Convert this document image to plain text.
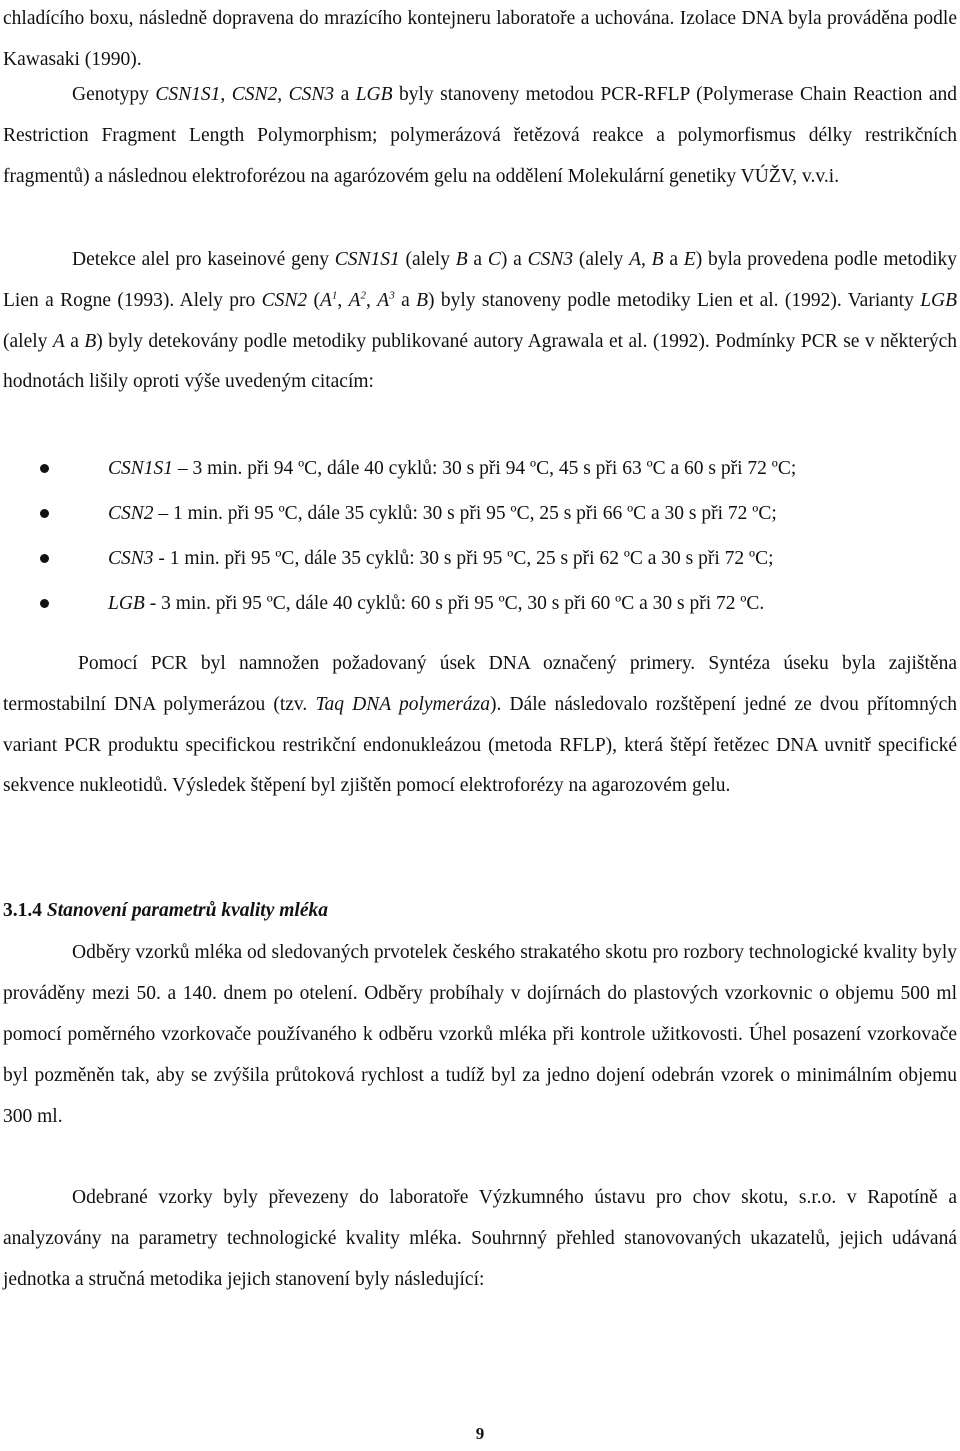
chladícího boxu, následně dopravena do mrazícího kontejneru laboratoře a uchována. Izolace DNA byla prováděna podle Kawasaki (1990).

Genotypy CSN1S1, CSN2, CSN3 a LGB byly stanoveny metodou PCR-RFLP (Polymerase Chain Reaction and Restriction Fragment Length Polymorphism; polymerázová řetězová reakce a polymorfismus délky restrikčních fragmentů) a následnou elektroforézou na agarózovém gelu na oddělení Molekulární genetiky VÚŽV, v.v.i.

Detekce alel pro kaseinové geny CSN1S1 (alely B a C) a CSN3 (alely A, B a E) byla provedena podle metodiky Lien a Rogne (1993). Alely pro CSN2 ($A^1$, $A^2$, $A^3$ a B) byly stanoveny podle metodiky Lien et al. (1992). Varianty LGB (alely A a B) byly detekovány podle metodiky publikované autory Agrawala et al. (1992). Podmínky PCR se v některých hodnotách lišily oproti výše uvedeným citacím:

CSN1S1 – 3 min. při 94 ºC, dále 40 cyklů: 30 s při 94 ºC, 45 s při 63 ºC a 60 s při 72 ºC;
CSN2 – 1 min. při 95 ºC, dále 35 cyklů: 30 s při 95 ºC, 25 s při 66 ºC a 30 s při 72 ºC;
CSN3 - 1 min. při 95 ºC, dále 35 cyklů: 30 s při 95 ºC, 25 s při 62 ºC a 30 s při 72 ºC;
LGB - 3 min. při 95 ºC, dále 40 cyklů: 60 s při 95 ºC, 30 s při 60 ºC a 30 s při 72 ºC.

Pomocí PCR byl namnožen požadovaný úsek DNA označený primery. Syntéza úseku byla zajištěna termostabilní DNA polymerázou (tzv. Taq DNA polymeráza). Dále následovalo rozštěpení jedné ze dvou přítomných variant PCR produktu specifickou restrikční endonukleázou (metoda RFLP), která štěpí řetězec DNA uvnitř specifické sekvence nukleotidů. Výsledek štěpení byl zjištěn pomocí elektroforézy na agarozovém gelu.

3.1.4 Stanovení parametrů kvality mléka

Odběry vzorků mléka od sledovaných prvotelek českého strakatého skotu pro rozbory technologické kvality byly prováděny mezi 50. a 140. dnem po otelení. Odběry probíhaly v dojírnách do plastových vzorkovnic o objemu 500 ml pomocí poměrného vzorkovače používaného k odběru vzorků mléka při kontrole užitkovosti. Úhel posazení vzorkovače byl pozměněn tak, aby se zvýšila průtoková rychlost a tudíž byl za jedno dojení odebrán vzorek o minimálním objemu 300 ml.

Odebrané vzorky byly převezeny do laboratoře Výzkumného ústavu pro chov skotu, s.r.o. v Rapotíně a analyzovány na parametry technologické kvality mléka. Souhrnný přehled stanovovaných ukazatelů, jejich udávaná jednotka a stručná metodika jejich stanovení byly následující:

9
